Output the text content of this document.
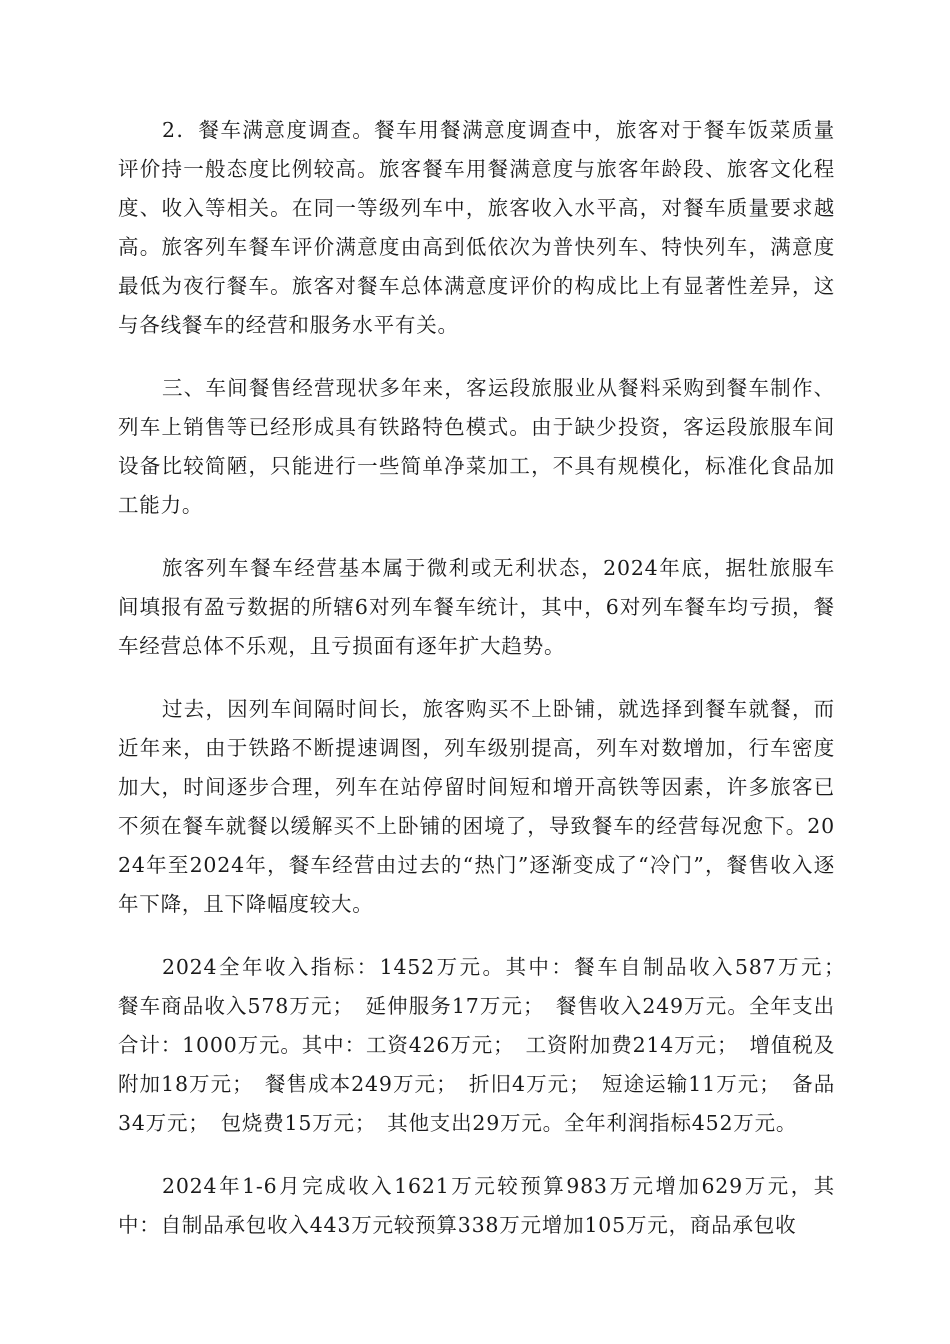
2．餐车满意度调查。餐车用餐满意度调查中，旅客对于餐车饭菜质量评价持一般态度比例较高。旅客餐车用餐满意度与旅客年龄段、旅客文化程度、收入等相关。在同一等级列车中，旅客收入水平高，对餐车质量要求越高。旅客列车餐车评价满意度由高到低依次为普快列车、特快列车，满意度最低为夜行餐车。旅客对餐车总体满意度评价的构成比上有显著性差异，这与各线餐车的经营和服务水平有关。

三、车间餐售经营现状多年来，客运段旅服业从餐料采购到餐车制作、列车上销售等已经形成具有铁路特色模式。由于缺少投资，客运段旅服车间设备比较简陋，只能进行一些简单净菜加工，不具有规模化，标准化食品加工能力。

旅客列车餐车经营基本属于微利或无利状态，2024年底，据牡旅服车间填报有盈亏数据的所辖6对列车餐车统计，其中，6对列车餐车均亏损，餐车经营总体不乐观，且亏损面有逐年扩大趋势。

过去，因列车间隔时间长，旅客购买不上卧铺，就选择到餐车就餐，而近年来，由于铁路不断提速调图，列车级别提高，列车对数增加，行车密度加大，时间逐步合理，列车在站停留时间短和增开高铁等因素，许多旅客已不须在餐车就餐以缓解买不上卧铺的困境了，导致餐车的经营每况愈下。2024年至2024年，餐车经营由过去的“热门”逐渐变成了“冷门”，餐售收入逐年下降，且下降幅度较大。

2024全年收入指标：1452万元。其中：餐车自制品收入587万元；　餐车商品收入578万元；　延伸服务17万元；　餐售收入249万元。全年支出合计：1000万元。其中：工资426万元；　工资附加费214万元；　增值税及附加18万元；　餐售成本249万元；　折旧4万元；　短途运输11万元；　备品34万元；　包烧费15万元；　其他支出29万元。全年利润指标452万元。

2024年1-6月完成收入1621万元较预算983万元增加629万元，其中：自制品承包收入443万元较预算338万元增加105万元，商品承包收
